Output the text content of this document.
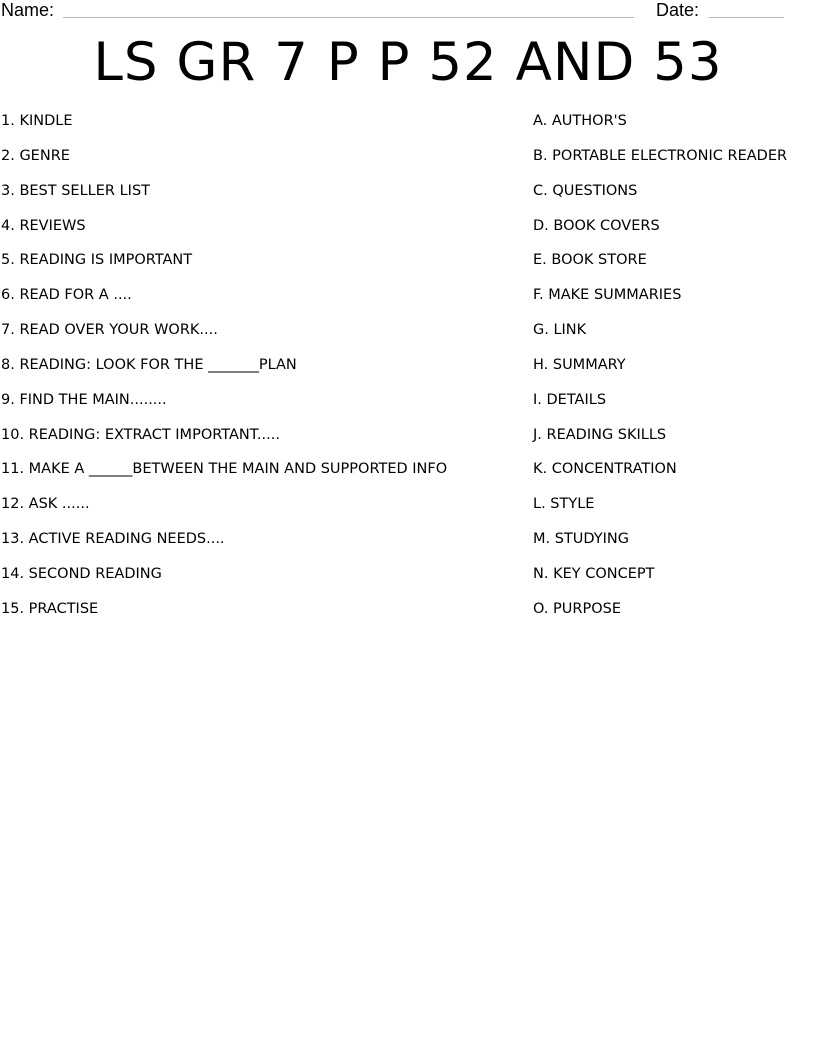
Name:	Date:
LS GR 7 P P 52 AND 53
1. KINDLE
2. GENRE
3. BEST SELLER LIST
4. REVIEWS
5. READING IS IMPORTANT
6. READ FOR A ....
7. READ OVER YOUR WORK....
8. READING: LOOK FOR THE _______PLAN
9. FIND THE MAIN........
10. READING: EXTRACT IMPORTANT.....
11. MAKE A ______BETWEEN THE MAIN AND SUPPORTED INFO
12. ASK ......
13. ACTIVE READING NEEDS....
14. SECOND READING
15. PRACTISE
A. AUTHOR'S
B. PORTABLE ELECTRONIC READER
C. QUESTIONS
D. BOOK COVERS
E. BOOK STORE
F. MAKE SUMMARIES
G. LINK
H. SUMMARY
I. DETAILS
J. READING SKILLS
K. CONCENTRATION
L. STYLE
M. STUDYING
N. KEY CONCEPT
O. PURPOSE
